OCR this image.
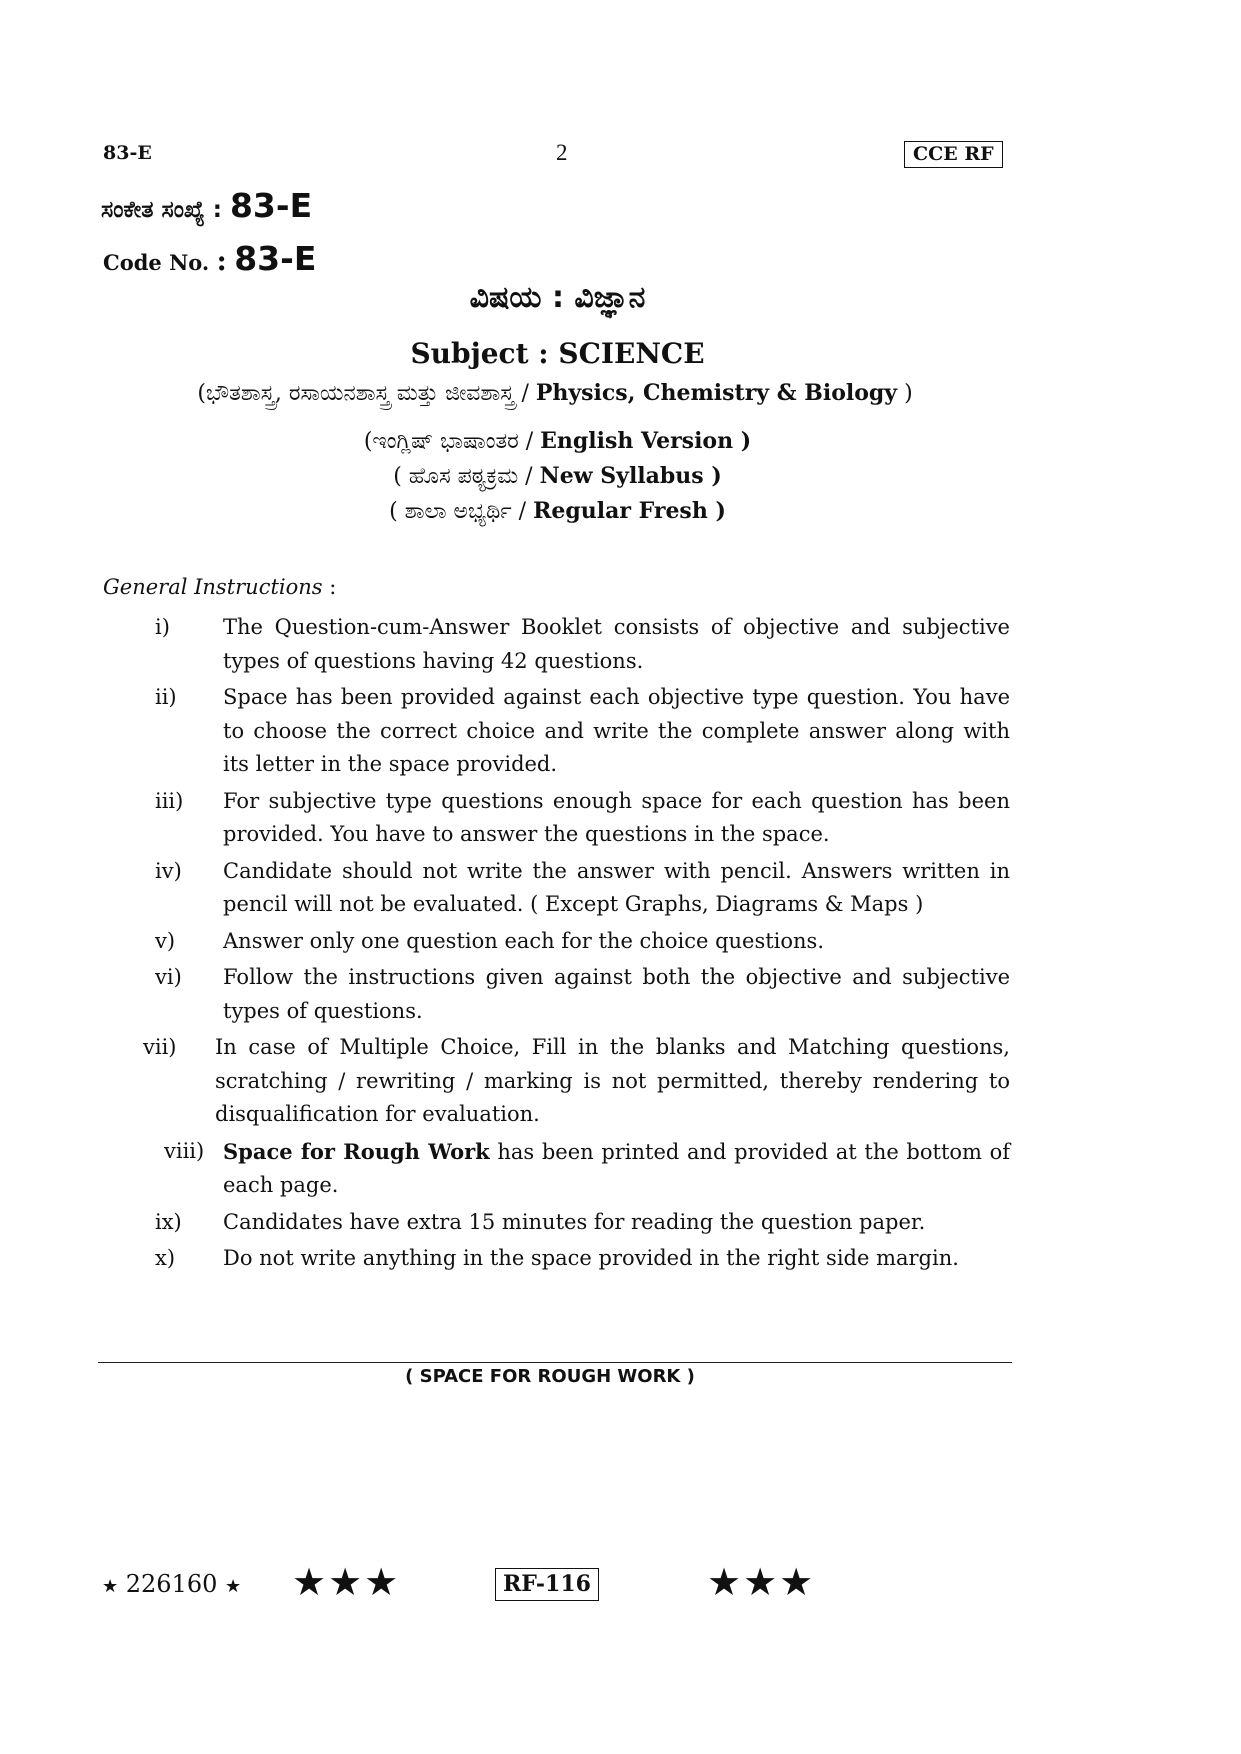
83-E	2	CCE RF
ಸಂಕೇತ ಸಂಖ್ಯೆ : 83-E
Code No. : 83-E
ವಿಷಯ : ವಿಜ್ಞಾನ
Subject : SCIENCE
(ಭೌತಶಾಸ್ತ್ರ, ರಸಾಯನಶಾಸ್ತ್ರ ಮತ್ತು ಜೀವಶಾಸ್ತ್ರ / Physics, Chemistry & Biology )
(ಇಂಗ್ಲಿಷ್ ಭಾಷಾಂತರ / English Version )
( ಹೊಸ ಪಠ್ಯಕ್ರಮ / New Syllabus )
( ಶಾಲಾ ಅಭ್ಯರ್ಥಿ / Regular Fresh )
General Instructions :
i)	The Question-cum-Answer Booklet consists of objective and subjective types of questions having 42 questions.
ii)	Space has been provided against each objective type question. You have to choose the correct choice and write the complete answer along with its letter in the space provided.
iii)	For subjective type questions enough space for each question has been provided. You have to answer the questions in the space.
iv)	Candidate should not write the answer with pencil. Answers written in pencil will not be evaluated. ( Except Graphs, Diagrams & Maps )
v)	Answer only one question each for the choice questions.
vi)	Follow the instructions given against both the objective and subjective types of questions.
vii)	In case of Multiple Choice, Fill in the blanks and Matching questions, scratching / rewriting / marking is not permitted, thereby rendering to disqualification for evaluation.
viii) Space for Rough Work has been printed and provided at the bottom of each page.
ix)	Candidates have extra 15 minutes for reading the question paper.
x)	Do not write anything in the space provided in the right side margin.
( SPACE FOR ROUGH WORK )
★ 226160 ★ ★★★	RF-116	★★★
